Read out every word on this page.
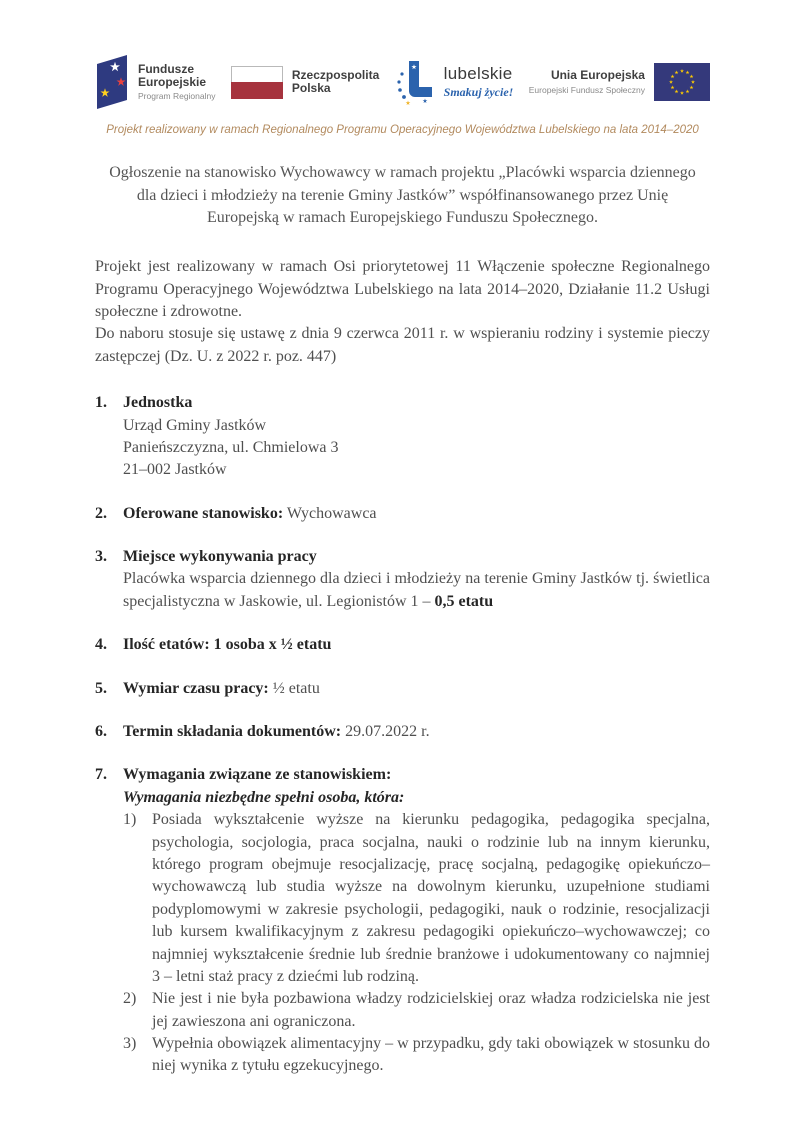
Fundusze
Europejskie
Program Regionalny
Rzeczpospolita
Polska
lubelskie
Smakuj życie!
Unia Europejska
Europejski Fundusz Społeczny
Projekt realizowany w ramach Regionalnego Programu Operacyjnego Województwa Lubelskiego na lata 2014–2020
Ogłoszenie na stanowisko Wychowawcy w ramach projektu „Placówki wsparcia dziennego dla dzieci i młodzieży na terenie Gminy Jastków” współfinansowanego przez Unię Europejską w ramach Europejskiego Funduszu Społecznego.

Projekt jest realizowany w ramach Osi priorytetowej 11 Włączenie społeczne Regionalnego Programu Operacyjnego Województwa Lubelskiego na lata 2014–2020, Działanie 11.2 Usługi społeczne i zdrowotne.

Do naboru stosuje się ustawę z dnia 9 czerwca 2011 r. w wspieraniu rodziny i systemie pieczy zastępczej (Dz. U. z 2022 r. poz. 447)

1. Jednostka
Urząd Gminy Jastków
Panieńszczyzna, ul. Chmielowa 3
21–002 Jastków
2. Oferowane stanowisko: Wychowawca
3. Miejsce wykonywania pracy
Placówka wsparcia dziennego dla dzieci i młodzieży na terenie Gminy Jastków tj. świetlica specjalistyczna w Jaskowie, ul. Legionistów 1 – 0,5 etatu
4. Ilość etatów: 1 osoba x ½ etatu
5. Wymiar czasu pracy: ½ etatu
6. Termin składania dokumentów: 29.07.2022 r.
7. Wymagania związane ze stanowiskiem:
Wymagania niezbędne spełni osoba, która:
1) Posiada wykształcenie wyższe na kierunku pedagogika, pedagogika specjalna, psychologia, socjologia, praca socjalna, nauki o rodzinie lub na innym kierunku, którego program obejmuje resocjalizację, pracę socjalną, pedagogikę opiekuńczo–wychowawczą lub studia wyższe na dowolnym kierunku, uzupełnione studiami podyplomowymi w zakresie psychologii, pedagogiki, nauk o rodzinie, resocjalizacji lub kursem kwalifikacyjnym z zakresu pedagogiki opiekuńczo–wychowawczej; co najmniej wykształcenie średnie lub średnie branżowe i udokumentowany co najmniej 3 – letni staż pracy z dziećmi lub rodziną.
2) Nie jest i nie była pozbawiona władzy rodzicielskiej oraz władza rodzicielska nie jest jej zawieszona ani ograniczona.
3) Wypełnia obowiązek alimentacyjny – w przypadku, gdy taki obowiązek w stosunku do niej wynika z tytułu egzekucyjnego.
